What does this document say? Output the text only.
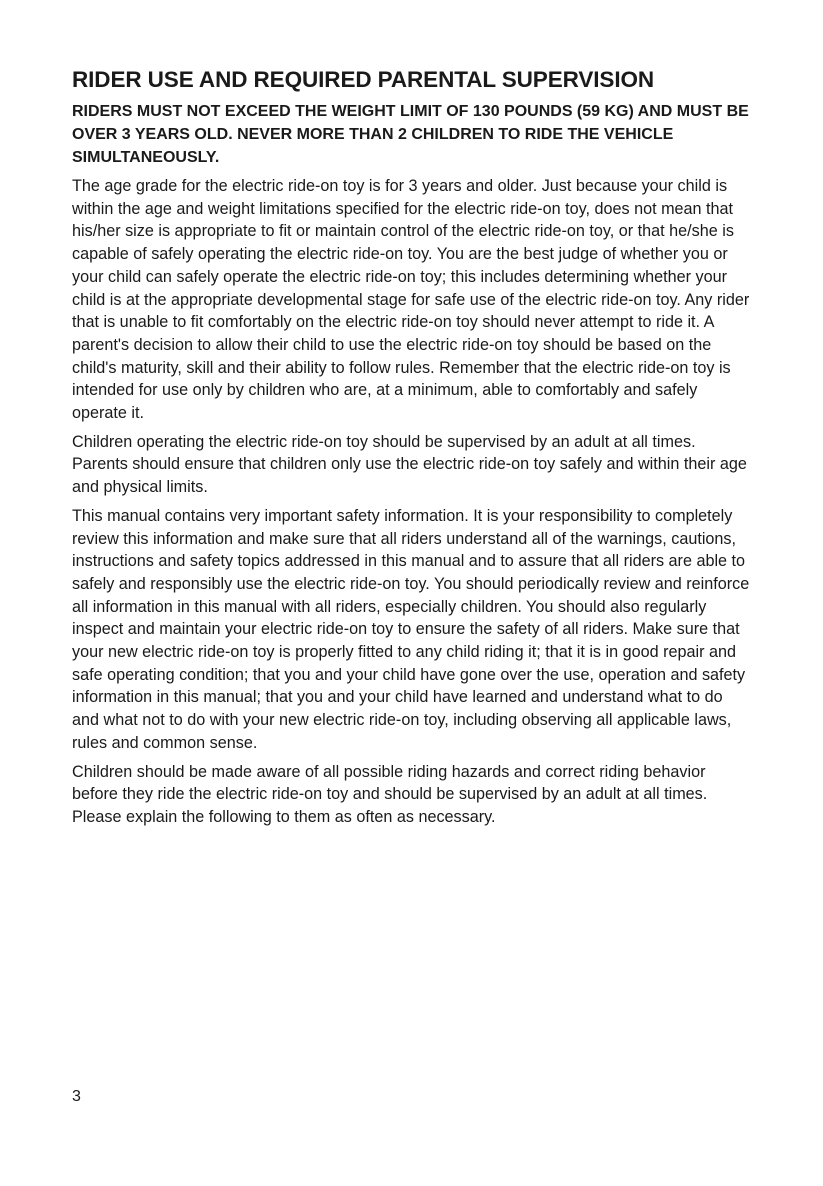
RIDER USE AND REQUIRED PARENTAL SUPERVISION

RIDERS MUST NOT EXCEED THE WEIGHT LIMIT OF 130 POUNDS (59 KG) AND MUST BE OVER 3 YEARS OLD. NEVER MORE THAN 2 CHILDREN TO RIDE THE VEHICLE SIMULTANEOUSLY.

The age grade for the electric ride-on toy is for 3 years and older. Just because your child is within the age and weight limitations specified for the electric ride-on toy, does not mean that his/her size is appropriate to fit or maintain control of the electric ride-on toy, or that he/she is capable of safely operating the electric ride-on toy. You are the best judge of whether you or your child can safely operate the electric ride-on toy; this includes determining whether your child is at the appropriate developmental stage for safe use of the electric ride-on toy. Any rider that is unable to fit comfortably on the electric ride-on toy should never attempt to ride it. A parent's decision to allow their child to use the electric ride-on toy should be based on the child's maturity, skill and their ability to follow rules. Remember that the electric ride-on toy is intended for use only by children who are, at a minimum, able to comfortably and safely operate it.

Children operating the electric ride-on toy should be supervised by an adult at all times. Parents should ensure that children only use the electric ride-on toy safely and within their age and physical limits.

This manual contains very important safety information. It is your responsibility to completely review this information and make sure that all riders understand all of the warnings, cautions, instructions and safety topics addressed in this manual and to assure that all riders are able to safely and responsibly use the electric ride-on toy. You should periodically review and reinforce all information in this manual with all riders, especially children. You should also regularly inspect and maintain your electric ride-on toy to ensure the safety of all riders. Make sure that your new electric ride-on toy is properly fitted to any child riding it; that it is in good repair and safe operating condition; that you and your child have gone over the use, operation and safety information in this manual; that you and your child have learned and understand what to do and what not to do with your new electric ride-on toy, including observing all applicable laws, rules and common sense.

Children should be made aware of all possible riding hazards and correct riding behavior before they ride the electric ride-on toy and should be supervised by an adult at all times. Please explain the following to them as often as necessary.

3
